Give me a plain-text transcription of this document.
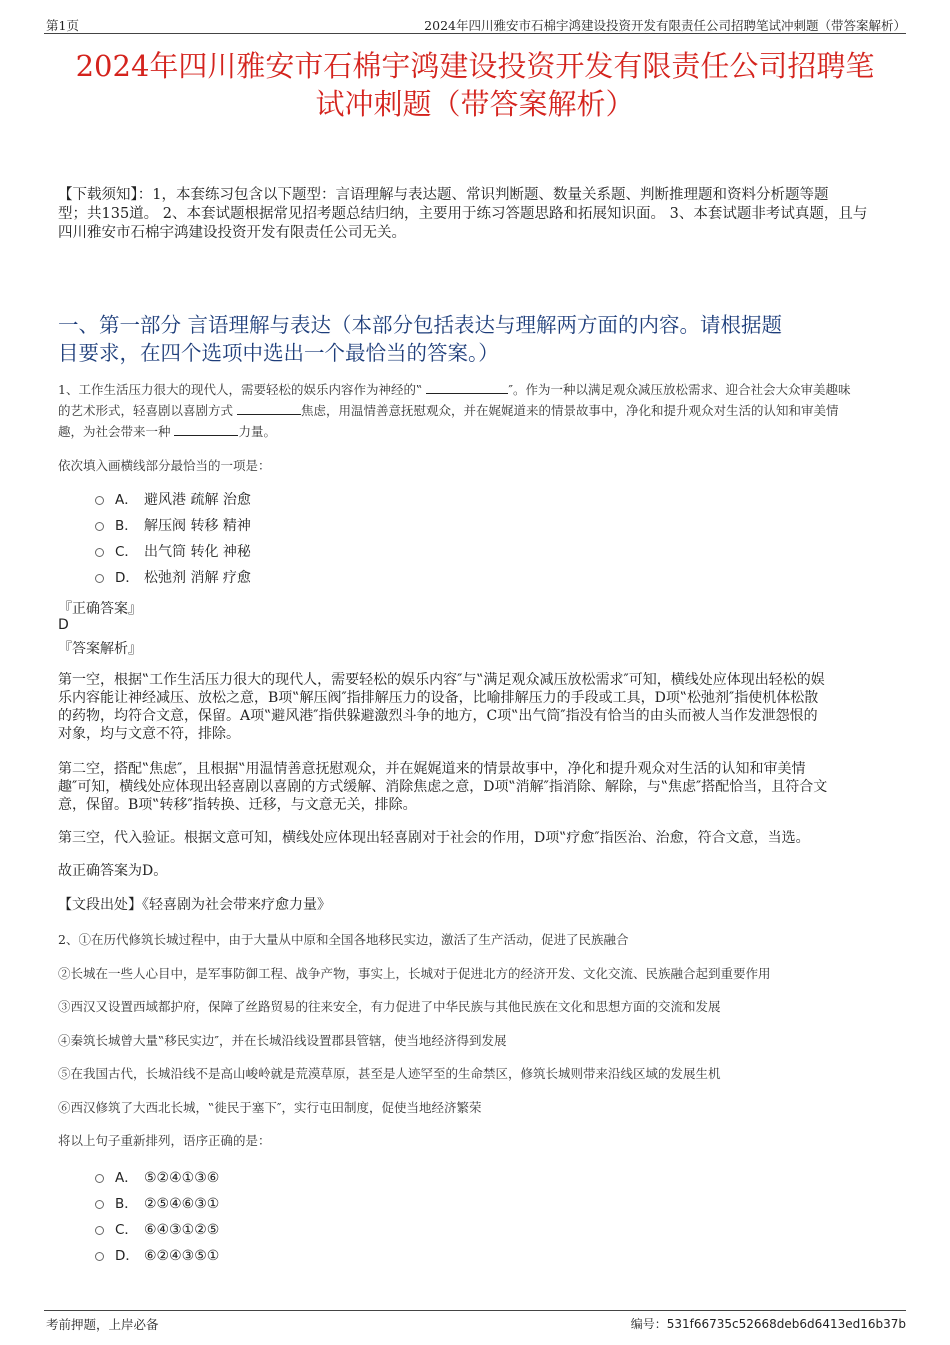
第1页	2024年四川雅安市石棉宇鸿建设投资开发有限责任公司招聘笔试冲刺题（带答案解析）
2024年四川雅安市石棉宇鸿建设投资开发有限责任公司招聘笔
试冲刺题（带答案解析）
【下载须知】：1，本套练习包含以下题型：言语理解与表达题、常识判断题、数量关系题、判断推理题和资料分析题等题
型；共135道。 2、本套试题根据常见招考题总结归纳，主要用于练习答题思路和拓展知识面。 3、本套试题非考试真题，且与
四川雅安市石棉宇鸿建设投资开发有限责任公司无关。
一、第一部分 言语理解与表达（本部分包括表达与理解两方面的内容。请根据题
目要求，在四个选项中选出一个最恰当的答案。）
1、工作生活压力很大的现代人，需要轻松的娱乐内容作为神经的‟	″。作为一种以满足观众减压放松需求、迎合社会大众审美趣味
的艺术形式，轻喜剧以喜剧方式	焦虑，用温情善意抚慰观众，并在娓娓道来的情景故事中，净化和提升观众对生活的认知和审美情
趣，为社会带来一种	力量。
依次填入画横线部分最恰当的一项是：
A． 避风港 疏解 治愈
B． 解压阀 转移 精神
C． 出气筒 转化 神秘
D． 松弛剂 消解 疗愈
『正确答案』
D
『答案解析』
第一空，根据‟工作生活压力很大的现代人，需要轻松的娱乐内容″与‟满足观众减压放松需求″可知，横线处应体现出轻松的娱
乐内容能让神经减压、放松之意，B项‟解压阀″指排解压力的设备，比喻排解压力的手段或工具，D项‟松弛剂″指使机体松散
的药物，均符合文意，保留。A项‟避风港″指供躲避激烈斗争的地方，C项‟出气筒″指没有恰当的由头而被人当作发泄怨恨的
对象，均与文意不符，排除。
第二空，搭配‟焦虑″，且根据‟用温情善意抚慰观众，并在娓娓道来的情景故事中，净化和提升观众对生活的认知和审美情
趣″可知，横线处应体现出轻喜剧以喜剧的方式缓解、消除焦虑之意，D项‟消解″指消除、解除，与‟焦虑″搭配恰当，且符合文
意，保留。B项‟转移″指转换、迁移，与文意无关，排除。
第三空，代入验证。根据文意可知，横线处应体现出轻喜剧对于社会的作用，D项‟疗愈″指医治、治愈，符合文意，当选。
故正确答案为D。
【文段出处】《轻喜剧为社会带来疗愈力量》
2、①在历代修筑长城过程中，由于大量从中原和全国各地移民实边，激活了生产活动，促进了民族融合
②长城在一些人心目中，是军事防御工程、战争产物，事实上，长城对于促进北方的经济开发、文化交流、民族融合起到重要作用
③西汉又设置西域都护府，保障了丝路贸易的往来安全，有力促进了中华民族与其他民族在文化和思想方面的交流和发展
④秦筑长城曾大量‟移民实边″，并在长城沿线设置郡县管辖，使当地经济得到发展
⑤在我国古代，长城沿线不是高山峻岭就是荒漠草原，甚至是人迹罕至的生命禁区，修筑长城则带来沿线区域的发展生机
⑥西汉修筑了大西北长城，‟徙民于塞下″，实行屯田制度，促使当地经济繁荣
将以上句子重新排列，语序正确的是：
A． ⑤②④①③⑥
B． ②⑤④⑥③①
C． ⑥④③①②⑤
D． ⑥②④③⑤①
考前押题，上岸必备	编号：531f66735c52668deb6d6413ed16b37b
